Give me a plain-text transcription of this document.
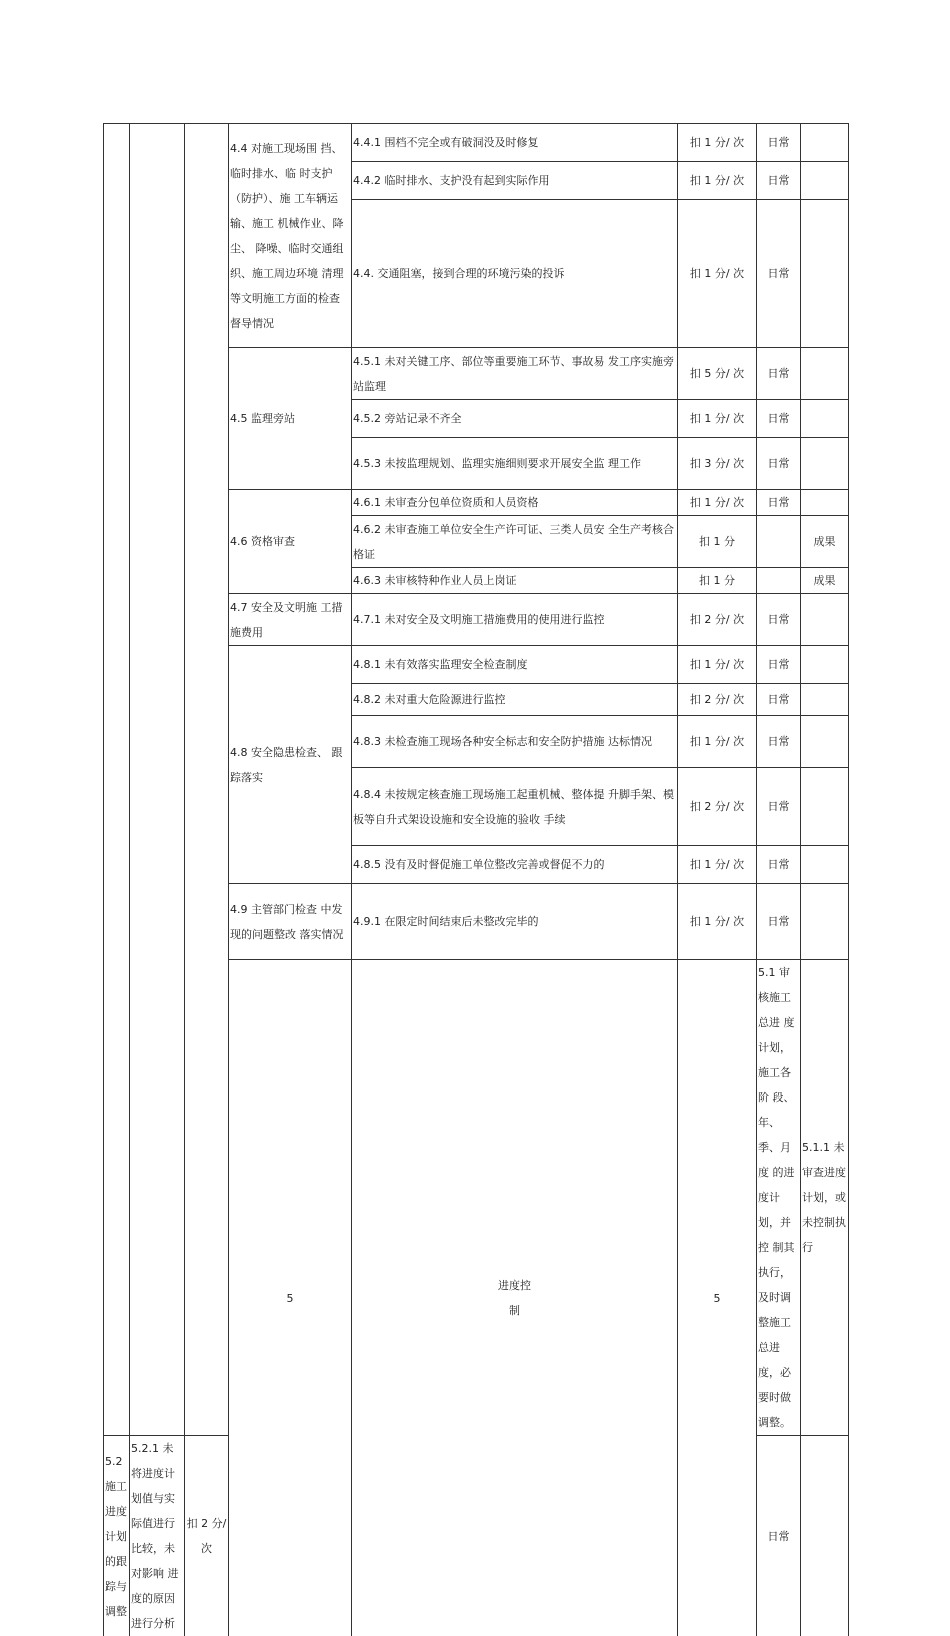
			4.4 对施工现场围 挡、临时排水、临 时支护（防护）、施 工车辆运输、施工 机械作业、降尘、 降噪、临时交通组 织、施工周边环境 清理等文明施工方面的检查督导情况	4.4.1 围档不完全或有破洞没及时修复	扣 1 分/ 次	日常		
				4.4.2 临时排水、支护没有起到实际作用	扣 1 分/ 次	日常		
				4.4. 交通阻塞，接到合理的环境污染的投诉	扣 1 分/ 次	日常		
			4.5 监理旁站	4.5.1 未对关键工序、部位等重要施工环节、事故易 发工序实施旁站监理	扣 5 分/ 次	日常		
				4.5.2 旁站记录不齐全	扣 1 分/ 次	日常		
				4.5.3 未按监理规划、监理实施细则要求开展安全监 理工作	扣 3 分/ 次	日常		
			4.6 资格审查	4.6.1 未审查分包单位资质和人员资格	扣 1 分/ 次	日常		
				4.6.2 未审查施工单位安全生产许可证、三类人员安 全生产考核合格证	扣 1 分		成果	
				4.6.3 未审核特种作业人员上岗证	扣 1 分		成果	
			4.7 安全及文明施 工措施费用	4.7.1 未对安全及文明施工措施费用的使用进行监控	扣 2 分/ 次	日常		
			4.8 安全隐患检查、 跟踪落实	4.8.1 未有效落实监理安全检查制度	扣 1 分/ 次	日常		
				4.8.2 未对重大危险源进行监控	扣 2 分/ 次	日常		
				4.8.3 未检查施工现场各种安全标志和安全防护措施 达标情况	扣 1 分/ 次	日常		
				4.8.4 未按规定核查施工现场施工起重机械、整体提 升脚手架、模板等自升式架设设施和安全设施的验收 手续	扣 2 分/ 次	日常		
				4.8.5 没有及时督促施工单位整改完善或督促不力的	扣 1 分/ 次	日常		
			4.9 主管部门检查 中发现的问题整改 落实情况	4.9.1 在限定时间结束后未整改完毕的	扣 1 分/ 次	日常		
			5	进度控
制	5	5.1 审核施工总进 度计划，施工各阶 段、年、季、月度 的进度计划，并控 制其执行，及时调 整施工总进度，必 要时做调整。	5.1.1 未审查进度计划，或未控制执行			
5.2 施工进度计划 的跟踪与调整	5.2.1 未将进度计划值与实际值进行比较，未对影响 进度的原因进行分析	扣 2 分/ 次				日常		
